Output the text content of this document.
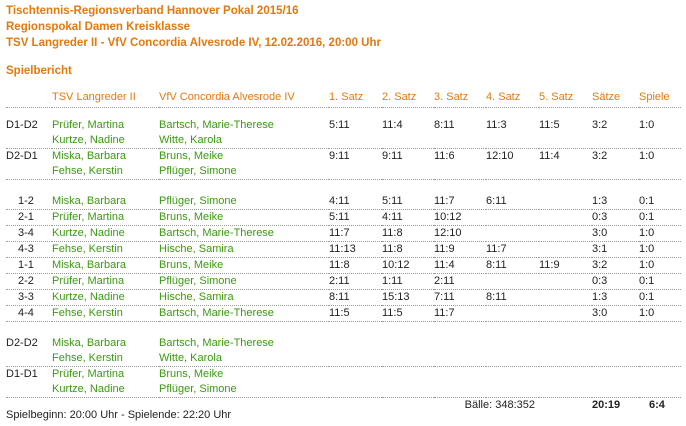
Tischtennis-Regionsverband Hannover Pokal 2015/16
Regionspokal Damen Kreisklasse
TSV Langreder II - VfV Concordia Alvesrode IV, 12.02.2016, 20:00 Uhr
Spielbericht
	TSV Langreder II	VfV Concordia Alvesrode IV	1. Satz	2. Satz	3. Satz	4. Satz	5. Satz	Sätze	Spiele

D1-D2	Prüfer, Martina	Bartsch, Marie-Therese	5:11	11:4	8:11	11:3	11:5	3:2	1:0
	Kurtze, Nadine	Witte, Karola							
D2-D1	Miska, Barbara	Bruns, Meike	9:11	9:11	11:6	12:10	11:4	3:2	1:0
	Fehse, Kerstin	Pflüger, Simone							

1-2	Miska, Barbara	Pflüger, Simone	4:11	5:11	11:7	6:11		1:3	0:1
2-1	Prüfer, Martina	Bruns, Meike	5:11	4:11	10:12			0:3	0:1
3-4	Kurtze, Nadine	Bartsch, Marie-Therese	11:7	11:8	12:10			3:0	1:0
4-3	Fehse, Kerstin	Hische, Samira	11:13	11:8	11:9	11:7		3:1	1:0
1-1	Miska, Barbara	Bruns, Meike	11:8	10:12	11:4	8:11	11:9	3:2	1:0
2-2	Prüfer, Martina	Pflüger, Simone	2:11	1:11	2:11			0:3	0:1
3-3	Kurtze, Nadine	Hische, Samira	8:11	15:13	7:11	8:11		1:3	0:1
4-4	Fehse, Kerstin	Bartsch, Marie-Therese	11:5	11:5	11:7			3:0	1:0

D2-D2	Miska, Barbara	Bartsch, Marie-Therese							
	Fehse, Kerstin	Witte, Karola							
D1-D1	Prüfer, Martina	Bruns, Meike							
	Kurtze, Nadine	Pflüger, Simone							
			Bälle: 348:352					20:19	6:4
Spielbeginn: 20:00 Uhr - Spielende: 22:20 Uhr
